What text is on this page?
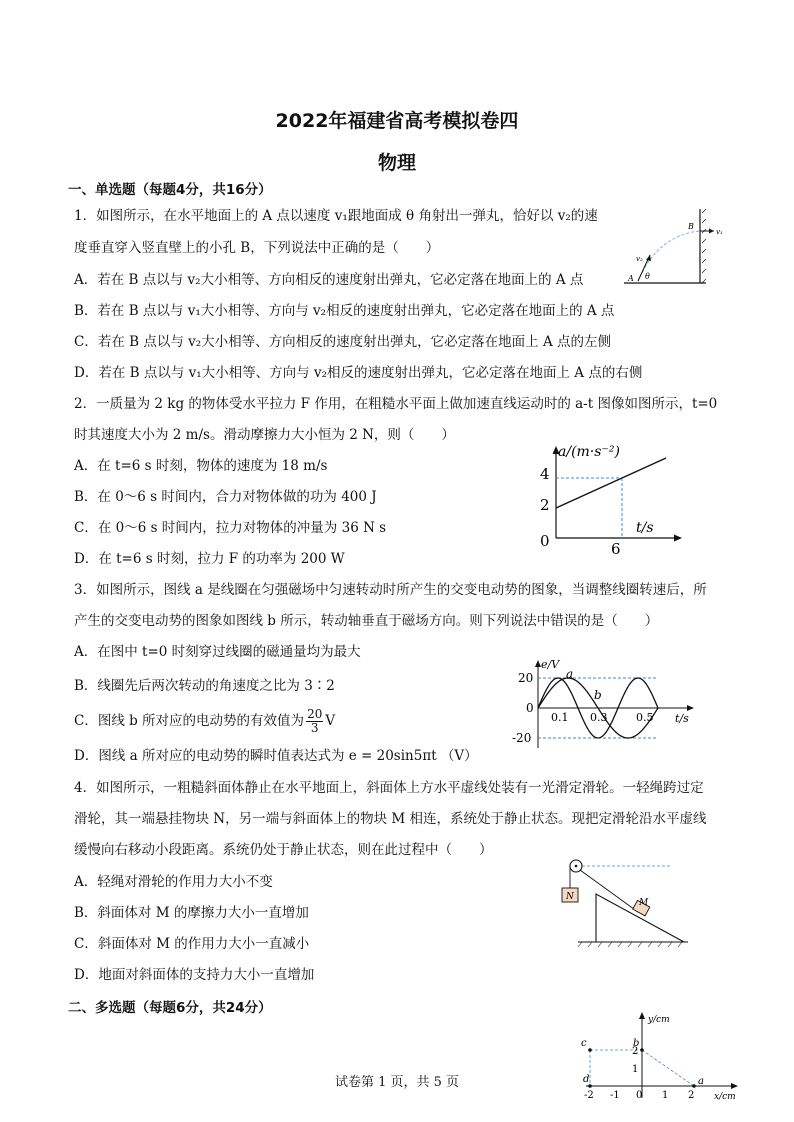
2022年福建省高考模拟卷四
物理
一、单选题（每题4分，共16分）
1．如图所示，在水平地面上的 A 点以速度 v₁跟地面成 θ 角射出一弹丸，恰好以 v₂的速
度垂直穿入竖直壁上的小孔 B，下列说法中正确的是（　　）
A．若在 B 点以与 v₂大小相等、方向相反的速度射出弹丸，它必定落在地面上的 A 点
B．若在 B 点以与 v₁大小相等、方向与 v₂相反的速度射出弹丸，它必定落在地面上的 A 点
C．若在 B 点以与 v₂大小相等、方向相反的速度射出弹丸，它必定落在地面上 A 点的左侧
D．若在 B 点以与 v₁大小相等、方向与 v₂相反的速度射出弹丸，它必定落在地面上 A 点的右侧
B
v₂
v₁
A θ
2．一质量为 2 kg 的物体受水平拉力 F 作用，在粗糙水平面上做加速直线运动时的 a-t 图像如图所示，t=0
时其速度大小为 2 m/s。滑动摩擦力大小恒为 2 N，则（　　）
A．在 t=6 s 时刻，物体的速度为 18 m/s
B．在 0～6 s 时间内，合力对物体做的功为 400 J
C．在 0～6 s 时间内，拉力对物体的冲量为 36 N s
D．在 t=6 s 时刻，拉力 F 的功率为 200 W
a/(m·s⁻²)
t/s
4
2
0	6
3．如图所示，图线 a 是线圈在匀强磁场中匀速转动时所产生的交变电动势的图象，当调整线圈转速后，所
产生的交变电动势的图象如图线 b 所示，转动轴垂直于磁场方向。则下列说法中错误的是（　　）
A．在图中 t=0 时刻穿过线圈的磁通量均为最大
B．线圈先后两次转动的角速度之比为 3∶2
C．图线 b 所对应的电动势的有效值为 $\frac{20}{3}$ V
D．图线 a 所对应的电动势的瞬时值表达式为 e = 20sin5πt （V）
e/V
t/s
20
-20
0
0.1 0.3	0.5
a
b
4．如图所示，一粗糙斜面体静止在水平地面上，斜面体上方水平虚线处装有一光滑定滑轮。一轻绳跨过定
滑轮，其一端悬挂物块 N，另一端与斜面体上的物块 M 相连，系统处于静止状态。现把定滑轮沿水平虚线
缓慢向右移动小段距离。系统仍处于静止状态，则在此过程中（　　）
A．轻绳对滑轮的作用力大小不变
B．斜面体对 M 的摩擦力大小一直增加
C．斜面体对 M 的作用力大小一直减小
D．地面对斜面体的支持力大小一直增加
N
M
二、多选题（每题6分，共24分）
-2 -1 0 1 2
2
1
a
b
c
d
y/cm
x/cm
试卷第 1 页，共 5 页
